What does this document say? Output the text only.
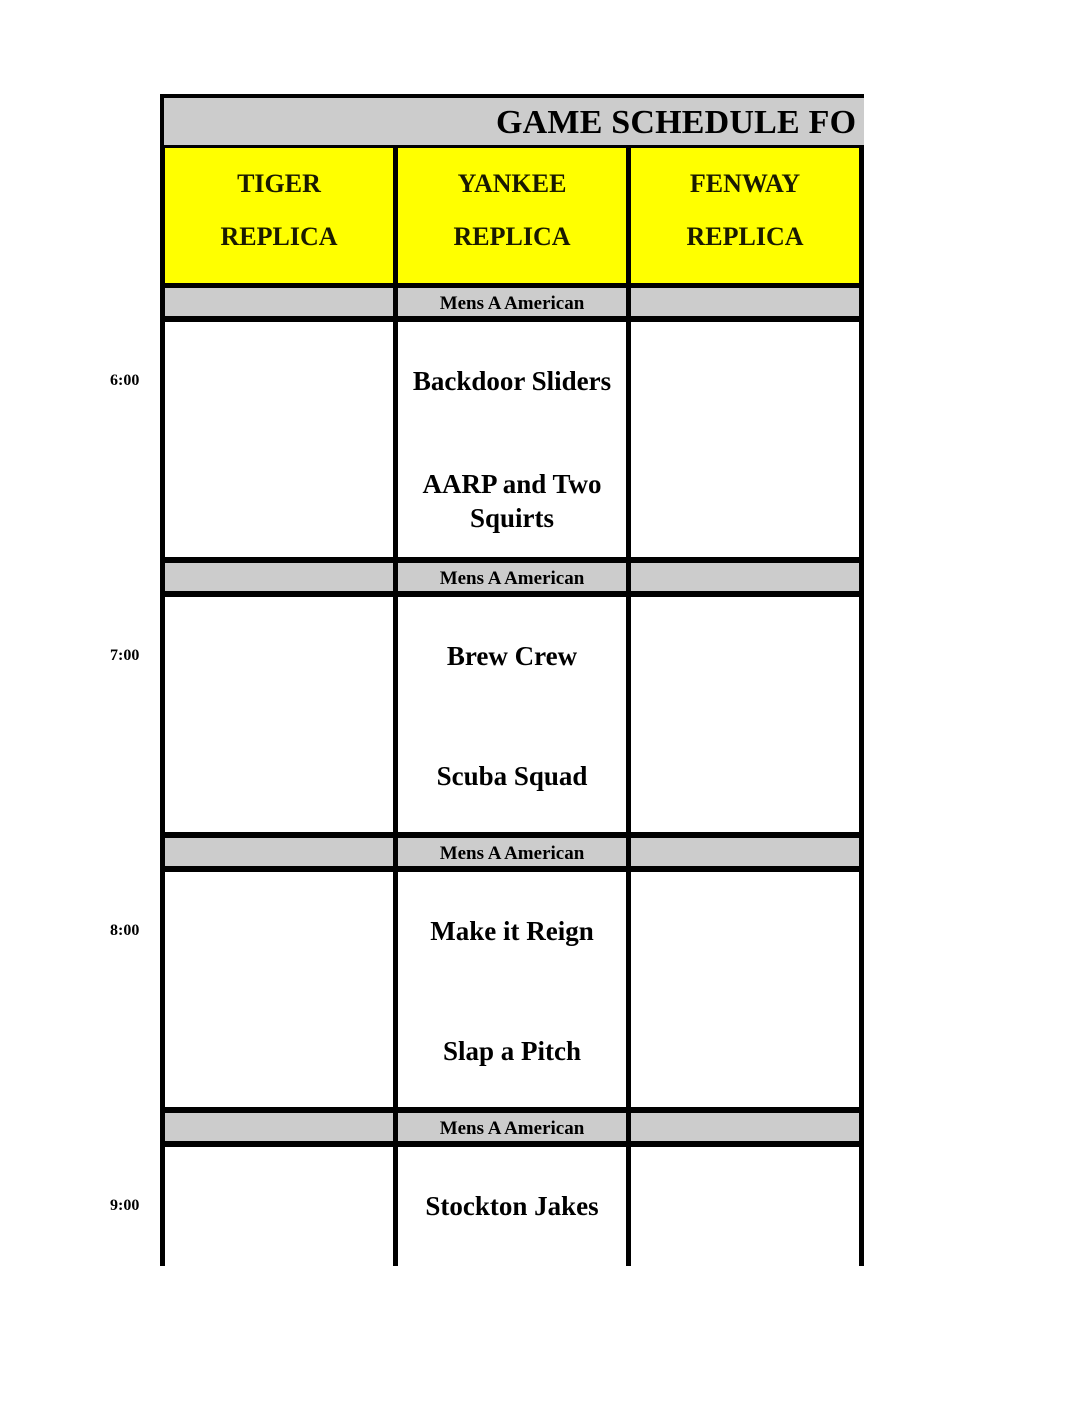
GAME SCHEDULE FO
TIGER
REPLICA
YANKEE
REPLICA
FENWAY
REPLICA
Mens A American
Backdoor Sliders
AARP and Two Squirts
Mens A American
Brew Crew
Scuba Squad
Mens A American
Make it Reign
Slap a Pitch
Mens A American
Stockton Jakes
6:00
7:00
8:00
9:00
